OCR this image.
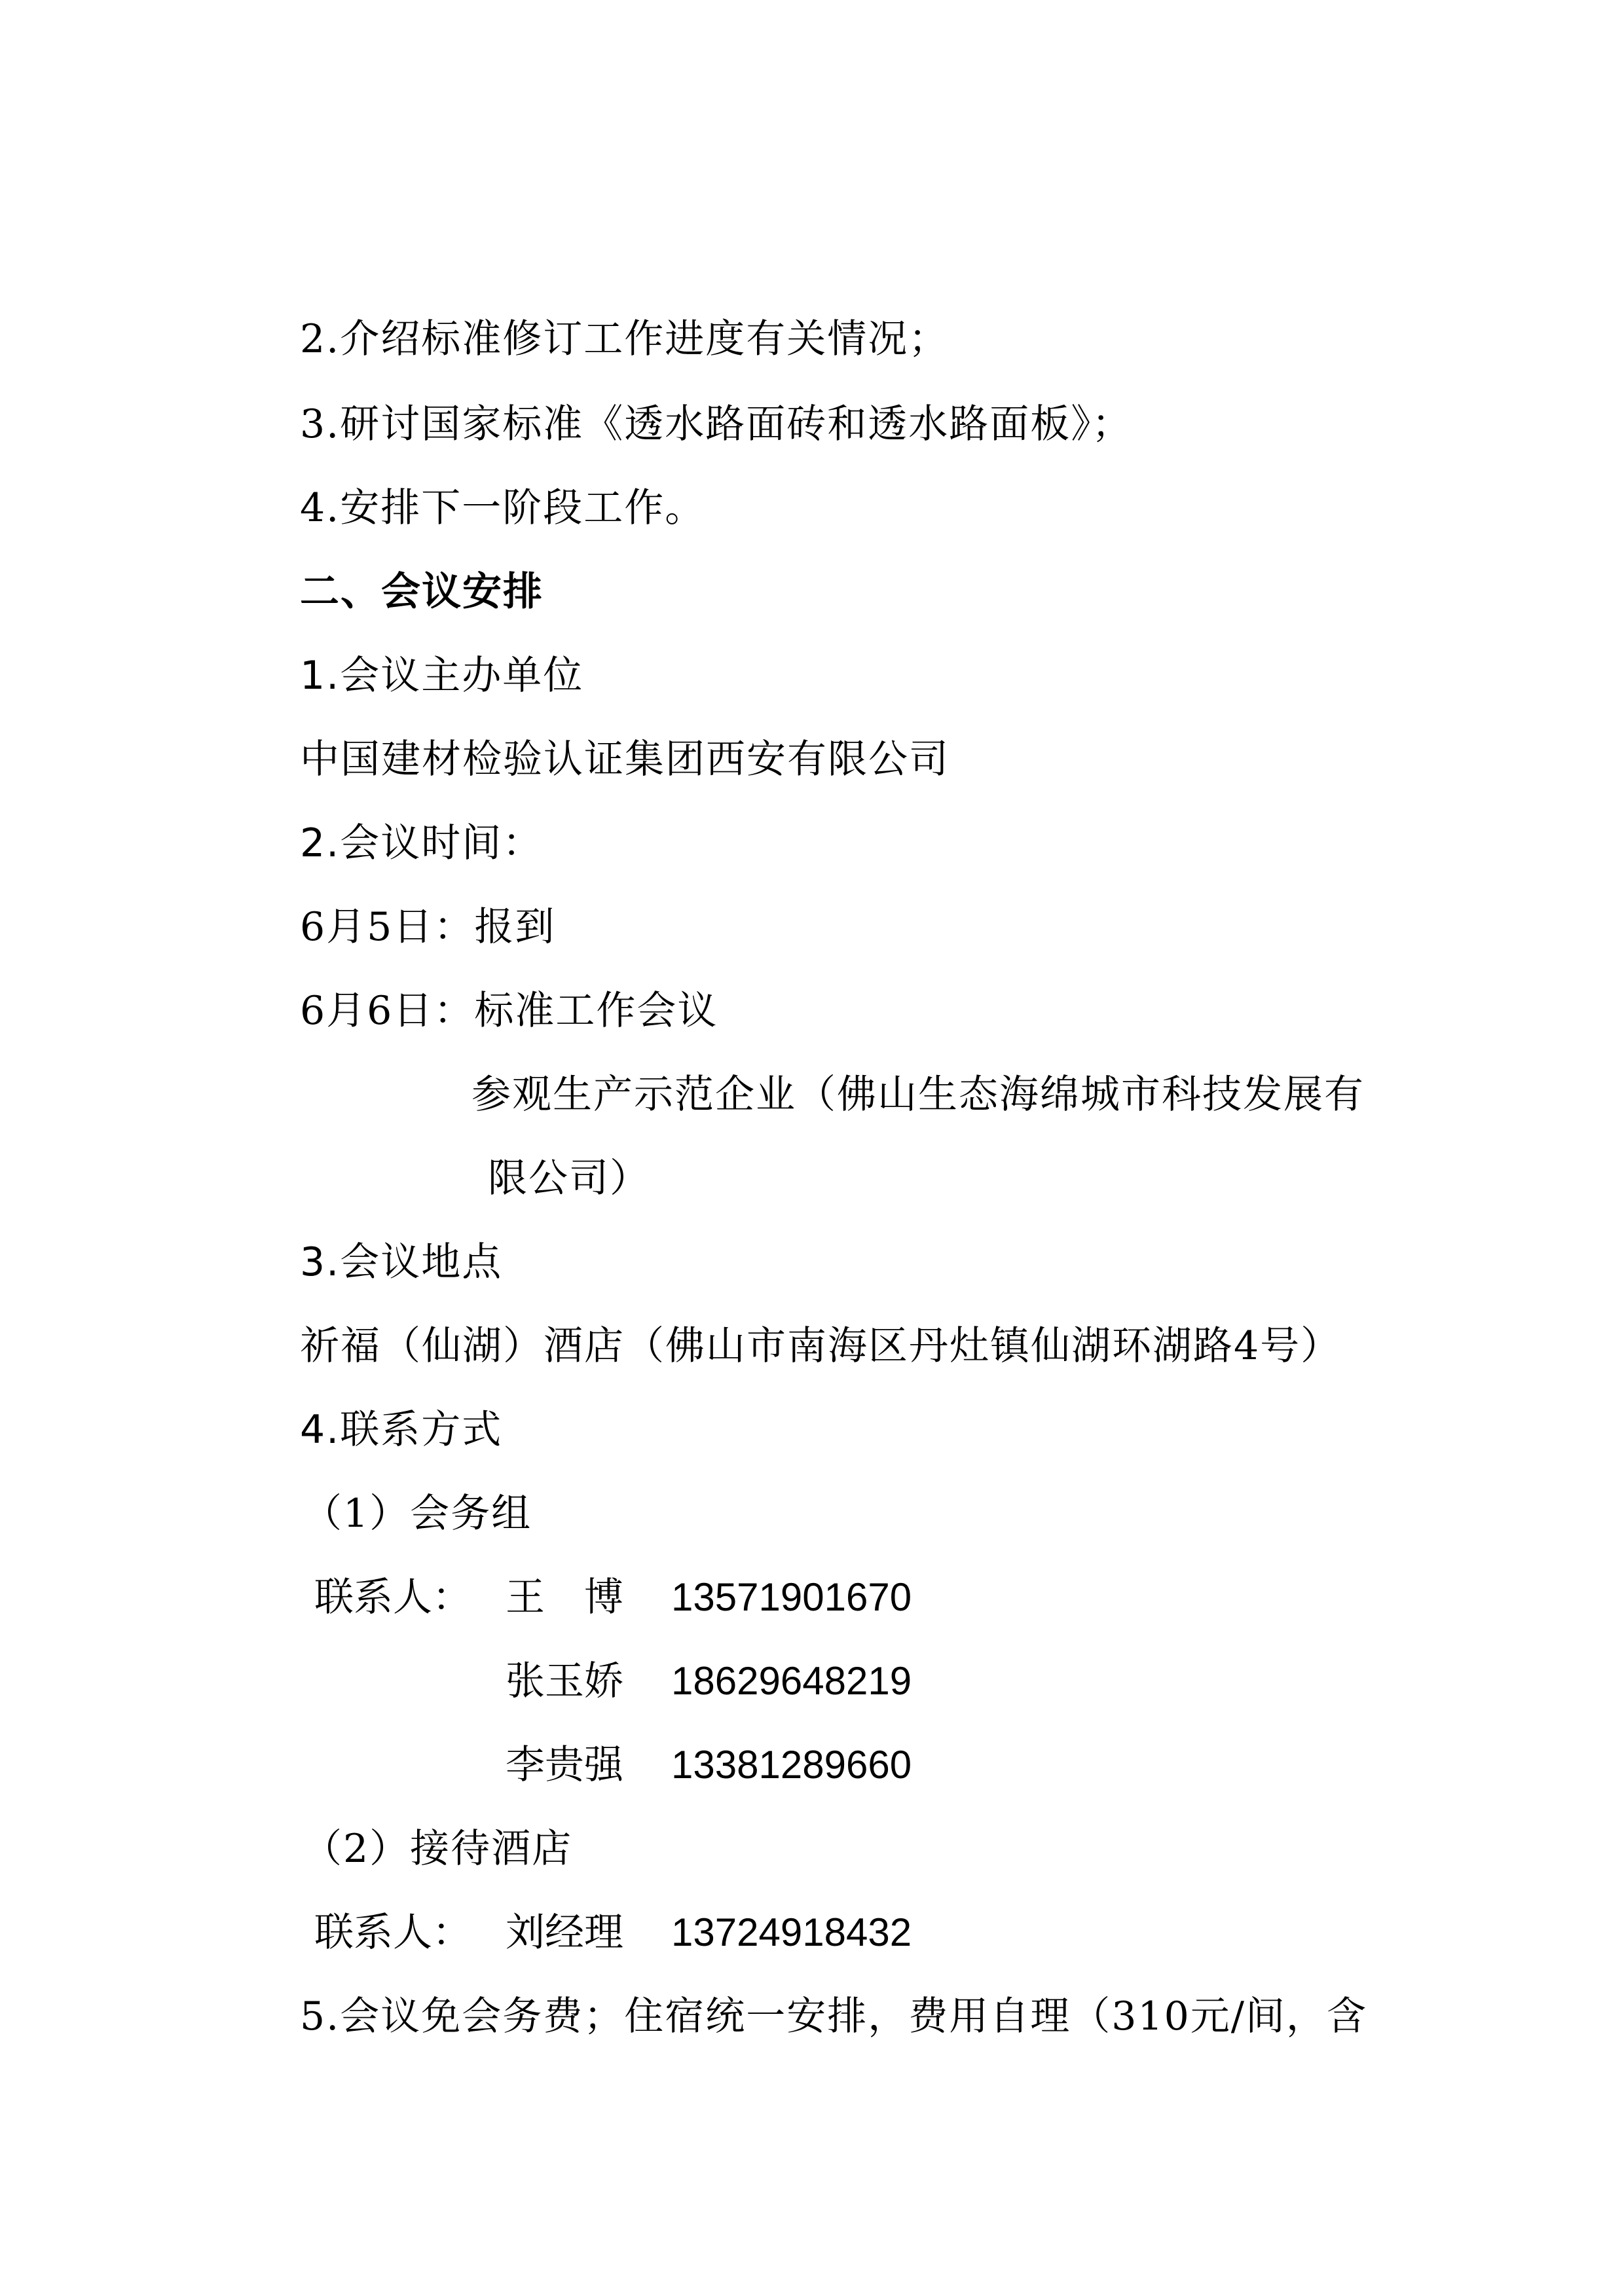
2.介绍标准修订工作进度有关情况；
3.研讨国家标准《透水路面砖和透水路面板》；
4.安排下一阶段工作。
二、会议安排
1.会议主办单位
中国建材检验认证集团西安有限公司
2.会议时间：
6月5日：报到
6月6日：标准工作会议
参观生产示范企业（佛山生态海绵城市科技发展有
限公司）
3.会议地点
祈福（仙湖）酒店（佛山市南海区丹灶镇仙湖环湖路4号）
4.联系方式
（1）会务组
联系人： 王　博 13571901670
张玉娇 18629648219
李贵强 13381289660
（2）接待酒店
联系人： 刘经理 13724918432
5.会议免会务费；住宿统一安排，费用自理（310元/间，含
